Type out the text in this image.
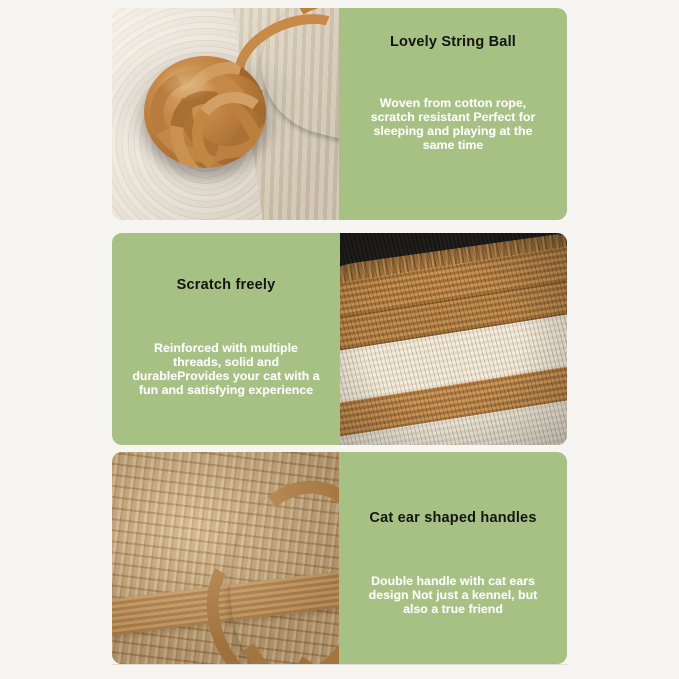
Lovely String Ball
Woven from cotton rope, scratch resistant Perfect for sleeping and playing at the same time
Scratch freely
Reinforced with multiple threads, solid and durableProvides your cat with a fun and satisfying experience
Cat ear shaped handles
Double handle with cat ears design Not just a kennel, but also a true friend
